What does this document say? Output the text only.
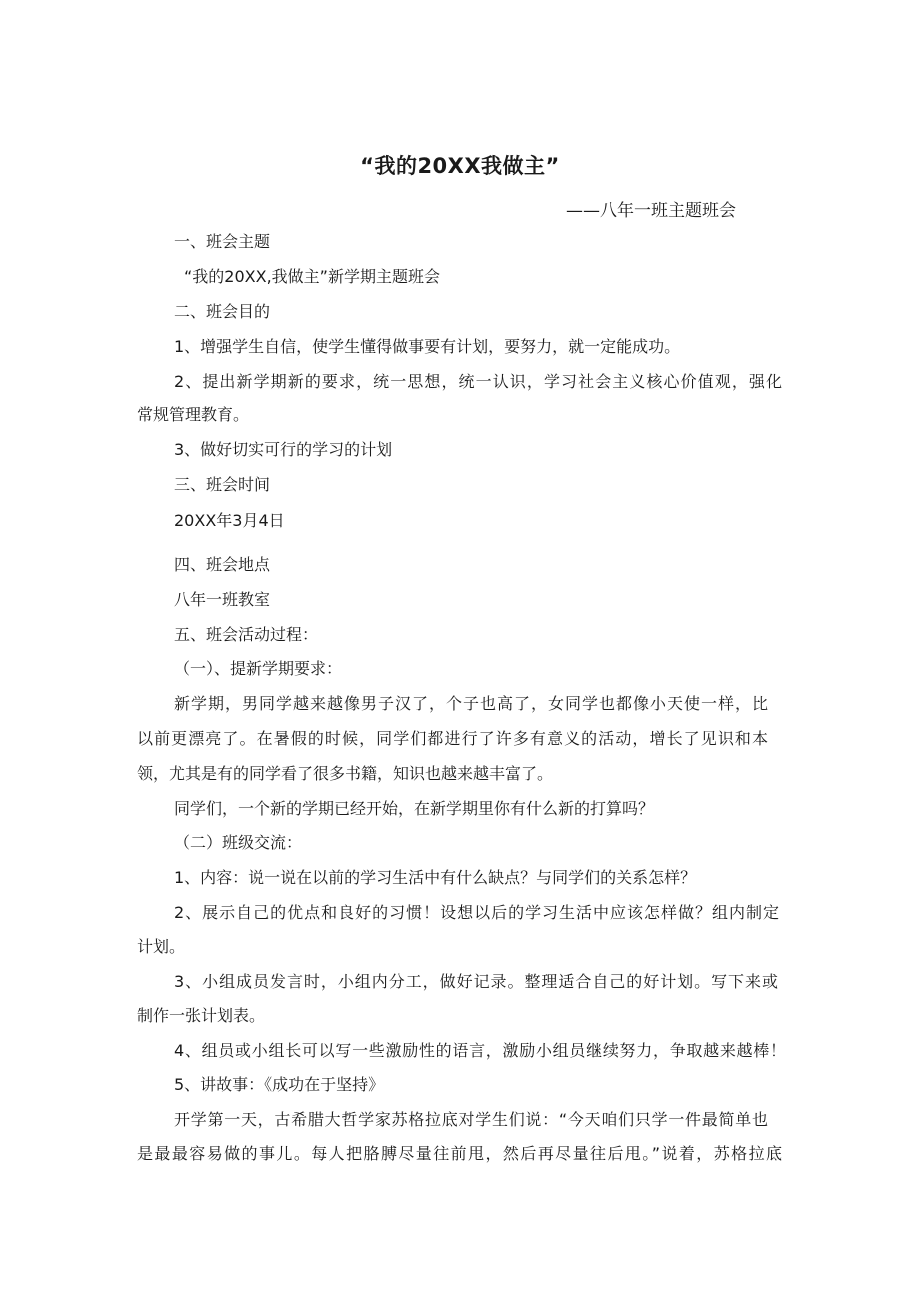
“我的20XX我做主”
——八年一班主题班会
一、班会主题
“我的20XX,我做主”新学期主题班会
二、班会目的
1、增强学生自信，使学生懂得做事要有计划，要努力，就一定能成功。
2、提出新学期新的要求，统一思想，统一认识，学习社会主义核心价值观，强化
常规管理教育。
3、做好切实可行的学习的计划
三、班会时间
20XX年3月4日
四、班会地点
八年一班教室
五、班会活动过程：
（一）、提新学期要求：
新学期，男同学越来越像男子汉了，个子也高了，女同学也都像小天使一样，比
以前更漂亮了。在暑假的时候，同学们都进行了许多有意义的活动，增长了见识和本
领，尤其是有的同学看了很多书籍，知识也越来越丰富了。
同学们，一个新的学期已经开始，在新学期里你有什么新的打算吗？
（二）班级交流：
1、内容：说一说在以前的学习生活中有什么缺点？与同学们的关系怎样？
2、展示自己的优点和良好的习惯！设想以后的学习生活中应该怎样做？组内制定
计划。
3、小组成员发言时，小组内分工，做好记录。整理适合自己的好计划。写下来或
制作一张计划表。
4、组员或小组长可以写一些激励性的语言，激励小组员继续努力，争取越来越棒！
5、讲故事：《成功在于坚持》
开学第一天，古希腊大哲学家苏格拉底对学生们说：“今天咱们只学一件最简单也
是最最容易做的事儿。每人把胳膊尽量往前甩，然后再尽量往后甩。”说着，苏格拉底
